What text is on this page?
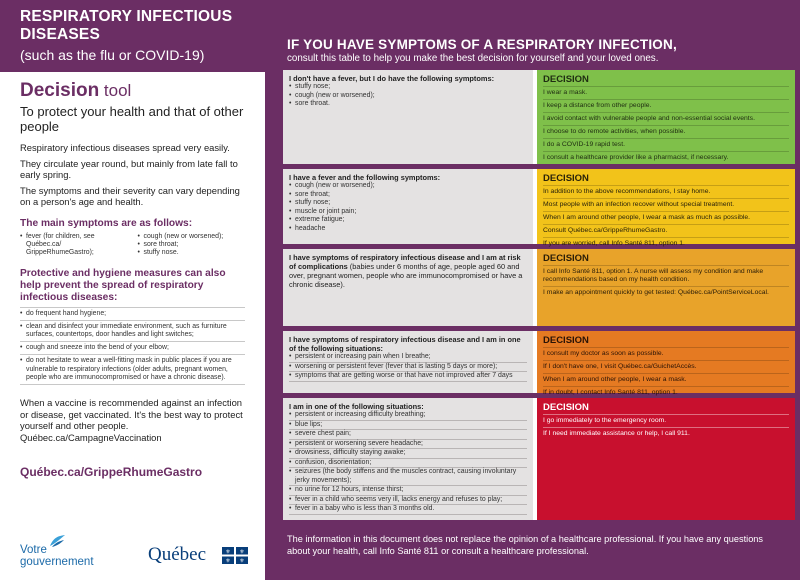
RESPIRATORY INFECTIOUS DISEASES
(such as the flu or COVID-19)
Decision tool
To protect your health and that of other people
Respiratory infectious diseases spread very easily.
They circulate year round, but mainly from late fall to early spring.
The symptoms and their severity can vary depending on a person's age and health.
The main symptoms are as follows:
• fever (for children, see Québec.ca/ GrippeRhumeGastro);
• cough (new or worsened);
• sore throat;
• stuffy nose.
Protective and hygiene measures can also help prevent the spread of respiratory infectious diseases:
• do frequent hand hygiene;
• clean and disinfect your immediate environment, such as furniture surfaces, countertops, door handles and light switches;
• cough and sneeze into the bend of your elbow;
• do not hesitate to wear a well-fitting mask in public places if you are vulnerable to respiratory infections (older adults, pregnant women, people who are immunocompromised or have a chronic disease).
When a vaccine is recommended against an infection or disease, get vaccinated. It's the best way to protect yourself and other people.
Québec.ca/CampagneVaccination
Québec.ca/GrippeRhumeGastro
Votre
gouvernement	Québec	⚜ ⚜
⚜ ⚜
IF YOU HAVE SYMPTOMS OF A RESPIRATORY INFECTION,
consult this table to help you make the best decision for yourself and your loved ones.
I don't have a fever, but I do have the following symptoms:
• stuffy nose;
• cough (new or worsened);
• sore throat.
DECISION
I wear a mask.
I keep a distance from other people.
I avoid contact with vulnerable people and non-essential social events.
I choose to do remote activities, when possible.
I do a COVID-19 rapid test.
I consult a healthcare provider like a pharmacist, if necessary.
I have a fever and the following symptoms:
• cough (new or worsened);
• sore throat;
• stuffy nose;
• muscle or joint pain;
• extreme fatigue;
• headache
DECISION
In addition to the above recommendations, I stay home.
Most people with an infection recover without special treatment.
When I am around other people, I wear a mask as much as possible.
Consult Québec.ca/GrippeRhumeGastro.
If you are worried, call Info Santé 811, option 1.
I have symptoms of respiratory infectious disease and I am at risk of complications (babies under 6 months of age, people aged 60 and over, pregnant women, people who are immunocompromised or have a chronic disease).
DECISION
I call Info Santé 811, option 1. A nurse will assess my condition and make recommendations based on my health condition.
I make an appointment quickly to get tested: Québec.ca/PointServiceLocal.
I have symptoms of respiratory infectious disease and I am in one of the following situations:
• persistent or increasing pain when I breathe;
• worsening or persistent fever (fever that is lasting 5 days or more);
• symptoms that are getting worse or that have not improved after 7 days
DECISION
I consult my doctor as soon as possible.
If I don't have one, I visit Québec.ca/GuichetAccès.
When I am around other people, I wear a mask.
If in doubt, I contact Info Santé 811, option 1.
I am in one of the following situations:
• persistent or increasing difficulty breathing;
• blue lips;
• severe chest pain;
• persistent or worsening severe headache;
• drowsiness, difficulty staying awake;
• confusion, disorientation;
• seizures (the body stiffens and the muscles contract, causing involuntary jerky movements);
• no urine for 12 hours, intense thirst;
• fever in a child who seems very ill, lacks energy and refuses to play;
• fever in a baby who is less than 3 months old.
DECISION
I go immediately to the emergency room.
If I need immediate assistance or help, I call 911.
The information in this document does not replace the opinion of a healthcare professional. If you have any questions about your health, call Info Santé 811 or consult a healthcare professional.
